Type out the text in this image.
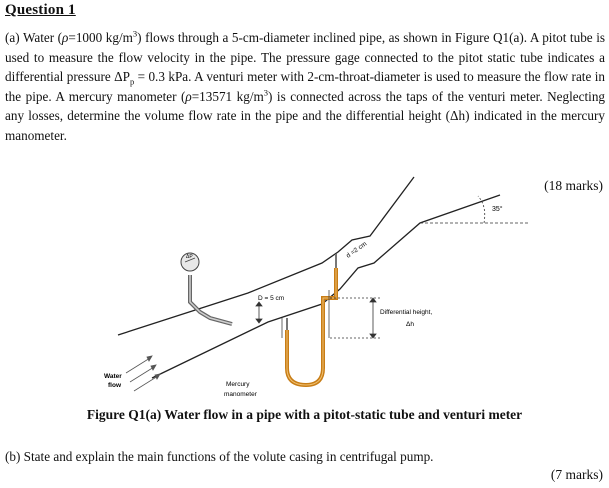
Question 1
(a) Water (ρ=1000 $kg/m^3$) flows through a 5-cm-diameter inclined pipe, as shown in Figure Q1(a). A pitot tube is used to measure the flow velocity in the pipe. The pressure gage connected to the pitot static tube indicates a differential pressure $\Delta P_p = 0.3$ kPa. A venturi meter with 2-cm-throat-diameter is used to measure the flow rate in the pipe. A mercury manometer (ρ=13571 $kg/m^3$) is connected across the taps of the venturi meter. Neglecting any losses, determine the volume flow rate in the pipe and the differential height (Δh) indicated in the mercury manometer.
(18 marks)
35°
d =2 cm
D = 5 cm
ΔP
Differential height,
Δh
Water
flow	Mercury
manometer
Figure Q1(a) Water flow in a pipe with a pitot-static tube and venturi meter
(b) State and explain the main functions of the volute casing in centrifugal pump.
(7 marks)
